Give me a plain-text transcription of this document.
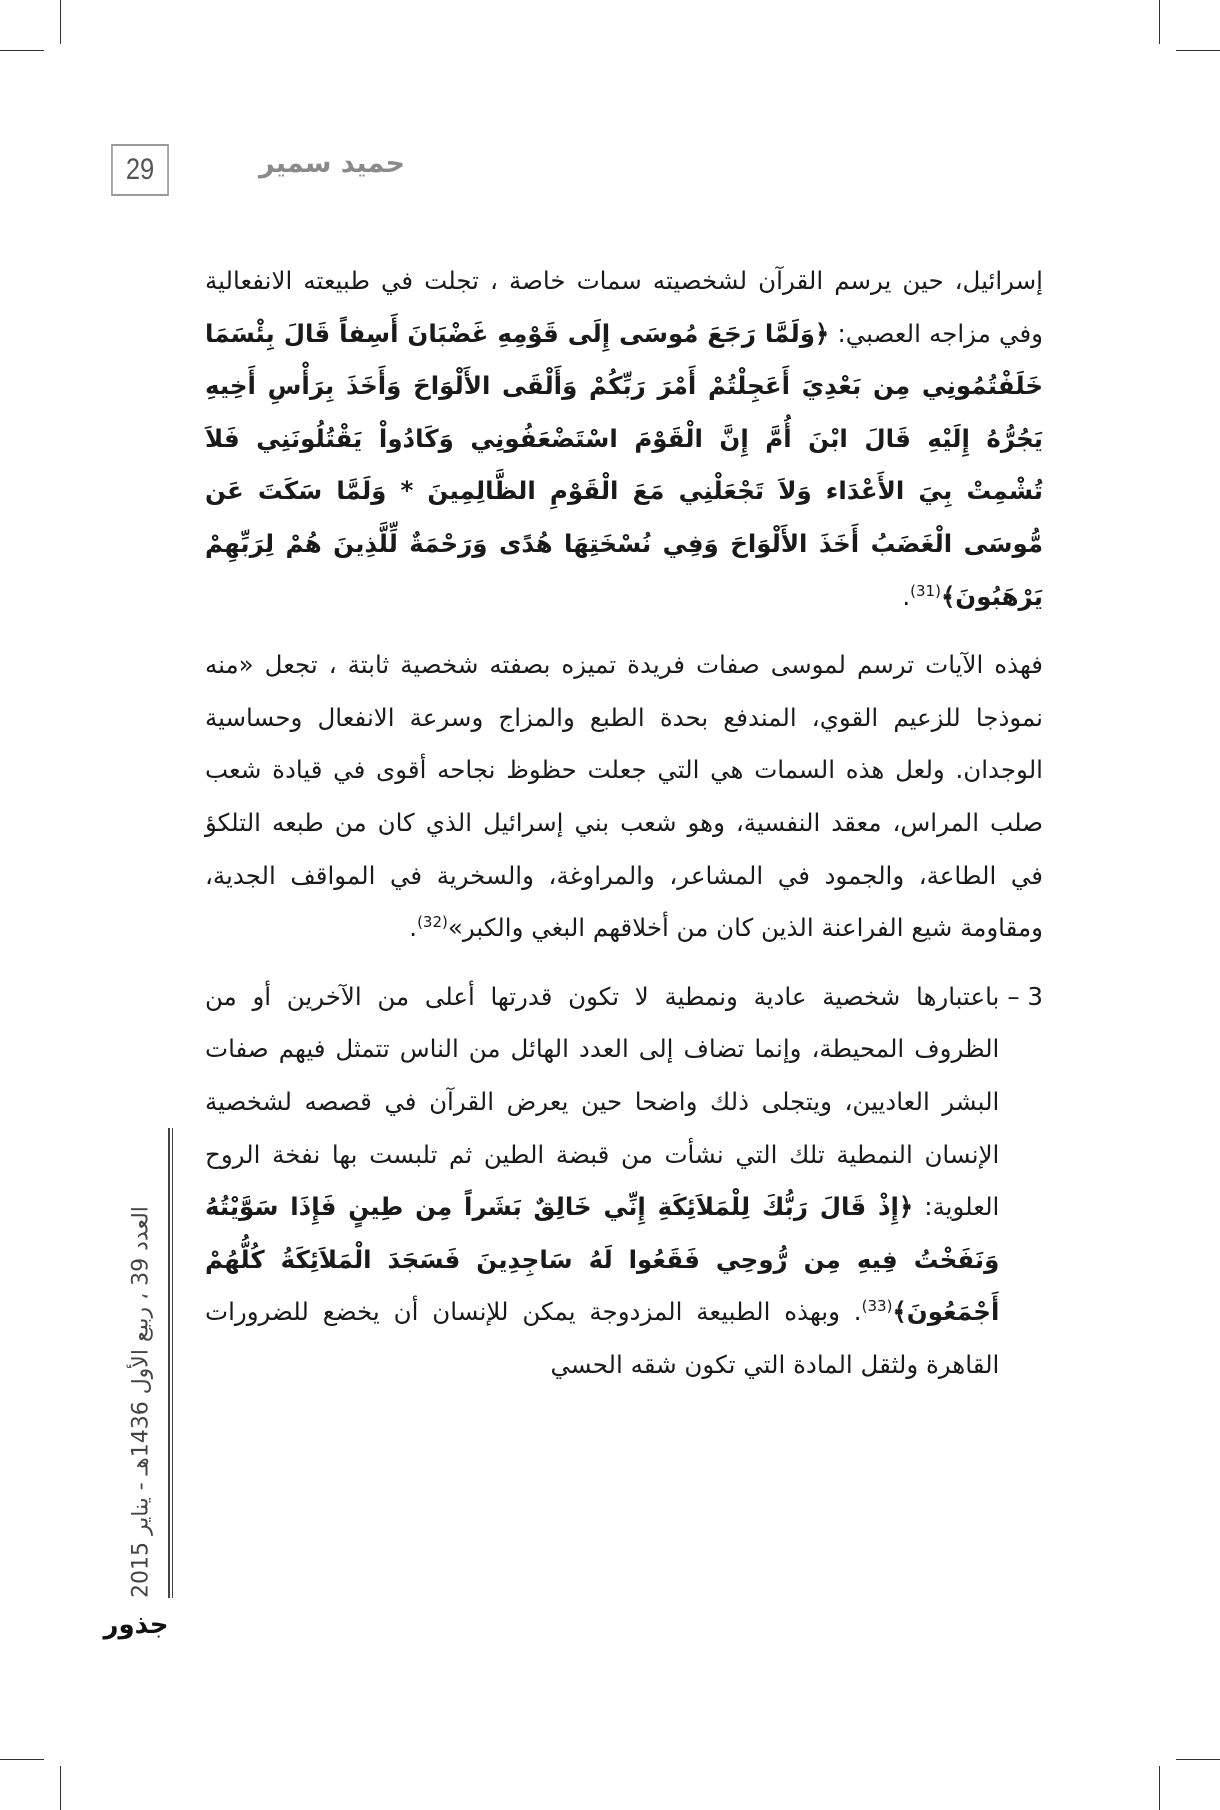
29	حميد سمير

إسرائيل، حين يرسم القرآن لشخصيته سمات خاصة ، تجلت في طبيعته الانفعالية وفي مزاجه العصبي: ﴿وَلَمَّا رَجَعَ مُوسَى إِلَى قَوْمِهِ غَضْبَانَ أَسِفاً قَالَ بِئْسَمَا خَلَفْتُمُونِي مِن بَعْدِيَ أَعَجِلْتُمْ أَمْرَ رَبِّكُمْ وَأَلْقَى الأَلْوَاحَ وَأَخَذَ بِرَأْسِ أَخِيهِ يَجُرُّهُ إِلَيْهِ قَالَ ابْنَ أُمَّ إِنَّ الْقَوْمَ اسْتَضْعَفُونِي وَكَادُواْ يَقْتُلُونَنِي فَلاَ تُشْمِتْ بِيَ الأَعْدَاء وَلاَ تَجْعَلْنِي مَعَ الْقَوْمِ الظَّالِمِينَ * وَلَمَّا سَكَتَ عَن مُّوسَى الْغَضَبُ أَخَذَ الأَلْوَاحَ وَفِي نُسْخَتِهَا هُدًى وَرَحْمَةٌ لِّلَّذِينَ هُمْ لِرَبِّهِمْ يَرْهَبُونَ﴾$^{(31)}$.

فهذه الآيات ترسم لموسى صفات فريدة تميزه بصفته شخصية ثابتة ، تجعل «منه نموذجا للزعيم القوي، المندفع بحدة الطبع والمزاج وسرعة الانفعال وحساسية الوجدان. ولعل هذه السمات هي التي جعلت حظوظ نجاحه أقوى في قيادة شعب صلب المراس، معقد النفسية، وهو شعب بني إسرائيل الذي كان من طبعه التلكؤ في الطاعة، والجمود في المشاعر، والمراوغة، والسخرية في المواقف الجدية، ومقاومة شيع الفراعنة الذين كان من أخلاقهم البغي والكبر»$^{(32)}$.

3 –

باعتبارها شخصية عادية ونمطية لا تكون قدرتها أعلى من الآخرين أو من الظروف المحيطة، وإنما تضاف إلى العدد الهائل من الناس تتمثل فيهم صفات البشر العاديين، ويتجلى ذلك واضحا حين يعرض القرآن في قصصه لشخصية الإنسان النمطية تلك التي نشأت من قبضة الطين ثم تلبست بها نفخة الروح العلوية: ﴿إِذْ قَالَ رَبُّكَ لِلْمَلاَئِكَةِ إِنِّي خَالِقٌ بَشَراً مِن طِينٍ فَإِذَا سَوَّيْتُهُ وَنَفَخْتُ فِيهِ مِن رُّوحِي فَقَعُوا لَهُ سَاجِدِينَ فَسَجَدَ الْمَلاَئِكَةُ كُلُّهُمْ أَجْمَعُونَ﴾$^{(33)}$. وبهذه الطبيعة المزدوجة يمكن للإنسان أن يخضع للضرورات القاهرة ولثقل المادة التي تكون شقه الحسي

العدد 39 ، ربيع الأول 1436هـ - يناير 2015
جذور
